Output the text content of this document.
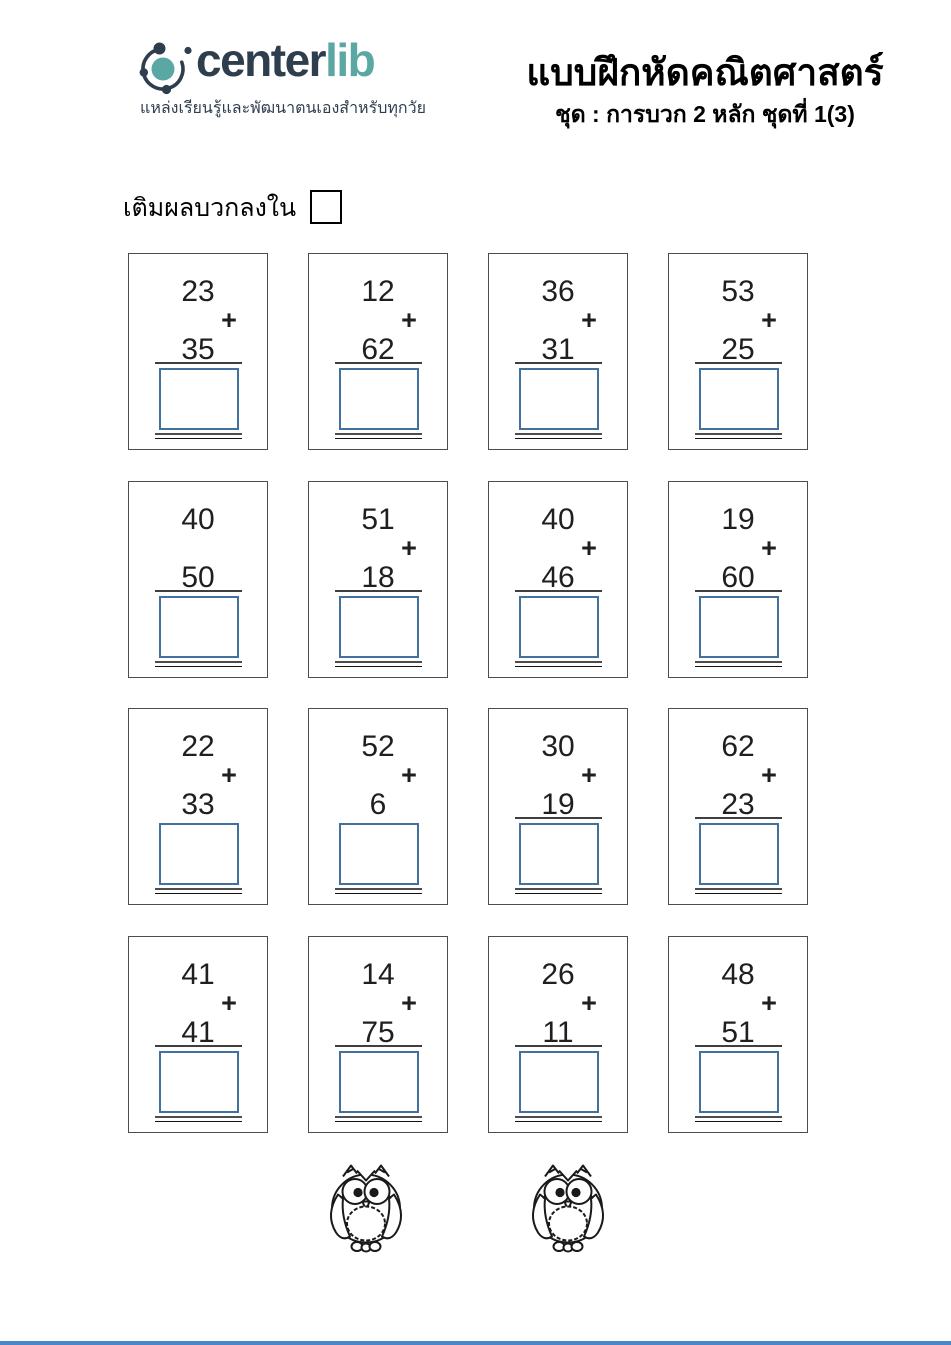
centerlib
แหล่งเรียนรู้และพัฒนาตนเองสำหรับทุกวัย
แบบฝึกหัดคณิตศาสตร์
ชุด : การบวก 2 หลัก ชุดที่ 1(3)
เติมผลบวกลงใน
23
+
35
12
+
62
36
+
31
53
+
25
40
50
51
+
18
40
+
46
19
+
60
22
+
33
52
+
6
30
+
19
62
+
23
41
+
41
14
+
75
26
+
11
48
+
51
